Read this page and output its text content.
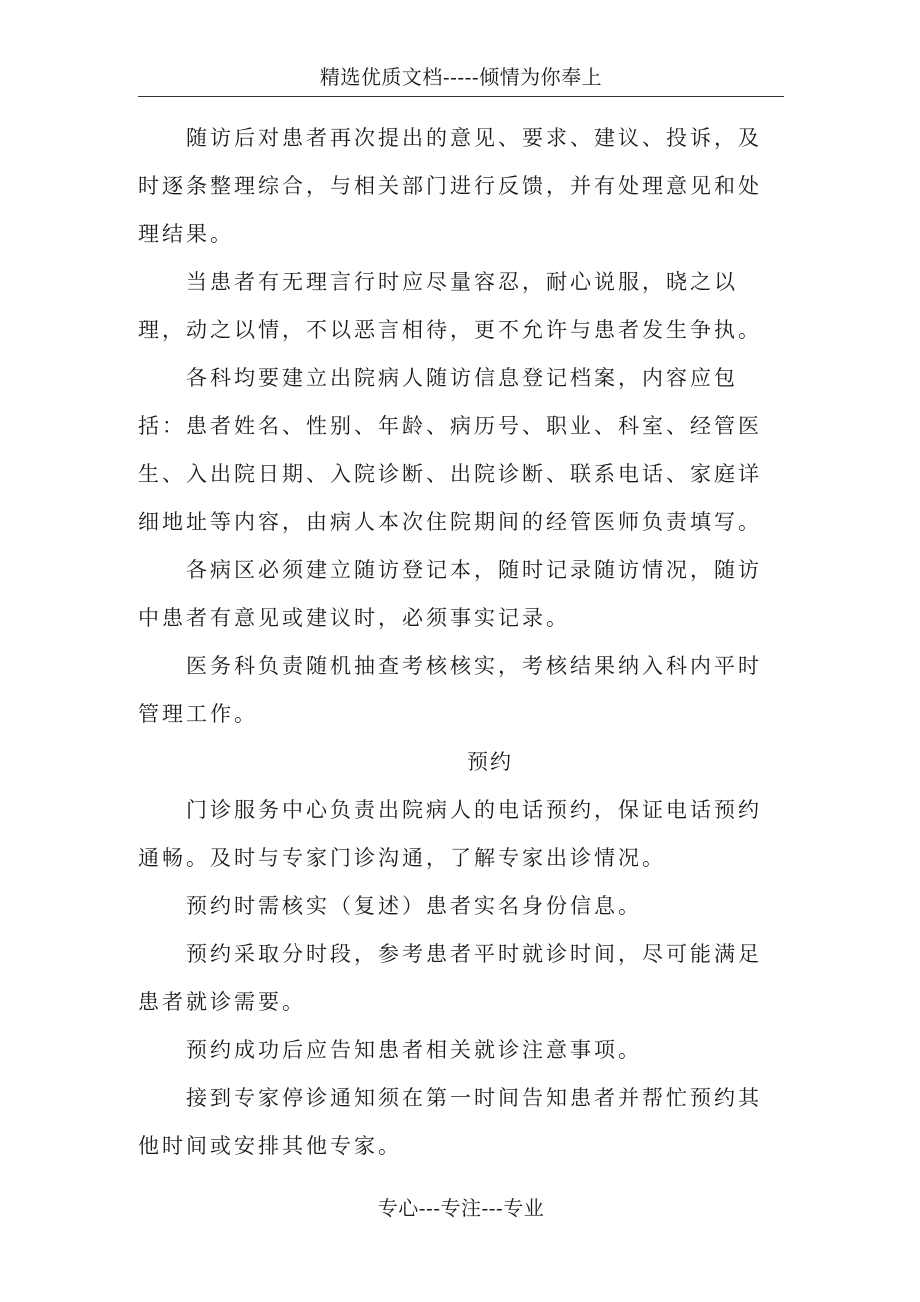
精选优质文档-----倾情为你奉上

随访后对患者再次提出的意见、要求、建议、投诉，及时逐条整理综合，与相关部门进行反馈，并有处理意见和处理结果。

当患者有无理言行时应尽量容忍，耐心说服，晓之以理，动之以情，不以恶言相待，更不允许与患者发生争执。

各科均要建立出院病人随访信息登记档案，内容应包括：患者姓名、性别、年龄、病历号、职业、科室、经管医生、入出院日期、入院诊断、出院诊断、联系电话、家庭详细地址等内容，由病人本次住院期间的经管医师负责填写。

各病区必须建立随访登记本，随时记录随访情况，随访中患者有意见或建议时，必须事实记录。

医务科负责随机抽查考核核实，考核结果纳入科内平时管理工作。

预约

门诊服务中心负责出院病人的电话预约，保证电话预约通畅。及时与专家门诊沟通，了解专家出诊情况。

预约时需核实（复述）患者实名身份信息。

预约采取分时段，参考患者平时就诊时间，尽可能满足患者就诊需要。

预约成功后应告知患者相关就诊注意事项。

接到专家停诊通知须在第一时间告知患者并帮忙预约其他时间或安排其他专家。

专心---专注---专业
